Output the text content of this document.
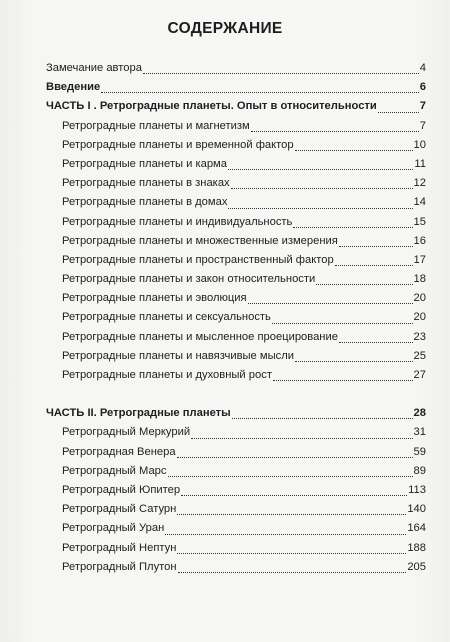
СОДЕРЖАНИЕ
Замечание автора	4
Введение	6
ЧАСТЬ I . Ретроградные планеты. Опыт в относительности	7
Ретроградные планеты и магнетизм	7
Ретроградные планеты и временной фактор	10
Ретроградные планеты и карма	11
Ретроградные планеты в знаках	12
Ретроградные планеты в домах	14
Ретроградные планеты и индивидуальность	15
Ретроградные планеты и множественные измерения	16
Ретроградные планеты и пространственный фактор	17
Ретроградные планеты и закон относительности	18
Ретроградные планеты и эволюция	20
Ретроградные планеты и сексуальность	20
Ретроградные планеты и мысленное проецирование	23
Ретроградные планеты и навязчивые мысли	25
Ретроградные планеты и духовный рост	27
ЧАСТЬ II. Ретроградные планеты	28
Ретроградный Меркурий	31
Ретроградная Венера	59
Ретроградный Марс	89
Ретроградный Юпитер	113
Ретроградный Сатурн	140
Ретроградный Уран	164
Ретроградный Нептун	188
Ретроградный Плутон	205
